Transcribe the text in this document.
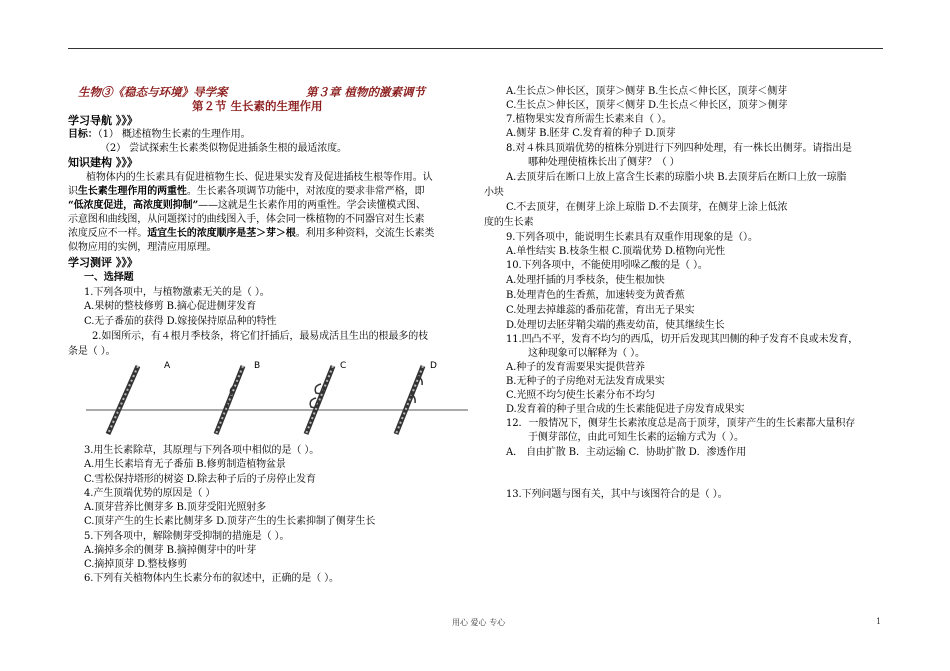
生物③《稳态与环境》导学案	第３章 植物的激素调节
第２节 生长素的生理作用
学习导航 》》》
目标：（1） 概述植物生长素的生理作用。
（2） 尝试探索生长素类似物促进插条生根的最适浓度。
知识建构 》》》
植物体内的生长素具有促进植物生长、促进果实发育及促进插枝生根等作用。认
识生长素生理作用的两重性。生长素各项调节功能中，对浓度的要求非常严格，即
“低浓度促进，高浓度则抑制”——这就是生长素作用的两重性。学会读懂模式图、
示意图和曲线图，从问题探讨的曲线图入手，体会同一株植物的不同器官对生长素
浓度反应不一样。适宜生长的浓度顺序是茎＞芽＞根。利用多种资料，交流生长素类
似物应用的实例，理清应用原理。
学习测评 》》》
一、选择题
1.下列各项中，与植物激素无关的是（ ）。
A.果树的整枝修剪 B.摘心促进侧芽发育
C.无子番茄的获得 D.嫁接保持原品种的特性
2.如图所示，有４根月季枝条，将它们扦插后，最易成活且生出的根最多的枝
条是（ ）。
A	B	C	D
3.用生长素除草，其原理与下列各项中相似的是（ ）。
A.用生长素培育无子番茄 B.修剪制造植物盆景
C.雪松保持塔形的树姿 D.除去种子后的子房停止发育
4.产生顶端优势的原因是（ ）
A.顶芽营养比侧芽多 B.顶芽受阳光照射多
C.顶芽产生的生长素比侧芽多 D.顶芽产生的生长素抑制了侧芽生长
5.下列各项中，解除侧芽受抑制的措施是（ ）。
A.摘掉多余的侧芽 B.摘掉侧芽中的叶芽
C.摘掉顶芽 D.整枝修剪
6.下列有关植物体内生长素分布的叙述中，正确的是（ ）。
A.生长点＞伸长区，顶芽＞侧芽 B.生长点＜伸长区，顶芽＜侧芽
C.生长点＞伸长区，顶芽＜侧芽 D.生长点＜伸长区，顶芽＞侧芽
7.植物果实发育所需生长素来自（ ）。
A.侧芽 B.胚芽 C.发育着的种子 D.顶芽
8.对４株具顶端优势的植株分别进行下列四种处理，有一株长出侧芽。请指出是
哪种处理使植株长出了侧芽？（ ）
A.去顶芽后在断口上放上富含生长素的琼脂小块 B.去顶芽后在断口上放一琼脂
小块
C.不去顶芽，在侧芽上涂上琼脂 D.不去顶芽，在侧芽上涂上低浓
度的生长素
9.下列各项中，能说明生长素具有双重作用现象的是（）。
A.单性结实 B.枝条生根 C.顶端优势 D.植物向光性
10.下列各项中，不能使用吲哚乙酸的是（ ）。
A.处理扦插的月季枝条，使生根加快
B.处理青色的生香蕉，加速转变为黄香蕉
C.处理去掉雄蕊的番茄花蕾，育出无子果实
D.处理切去胚芽鞘尖端的燕麦幼苗，使其继续生长
11.凹凸不平，发育不均匀的西瓜，切开后发现其凹侧的种子发育不良或未发育，
这种现象可以解释为（ ）。
A.种子的发育需要果实提供营养
B.无种子的子房绝对无法发育成果实
C.光照不均匀使生长素分布不均匀
D.发育着的种子里合成的生长素能促进子房发育成果实
12．一般情况下，侧芽生长素浓度总是高于顶芽，顶芽产生的生长素都大量积存
于侧芽部位，由此可知生长素的运输方式为（ ）。
A． 自由扩散 B．主动运输 C．协助扩散 D．渗透作用
13.下列问题与图有关，其中与该图符合的是（ ）。
用心 爱心 专心	1
